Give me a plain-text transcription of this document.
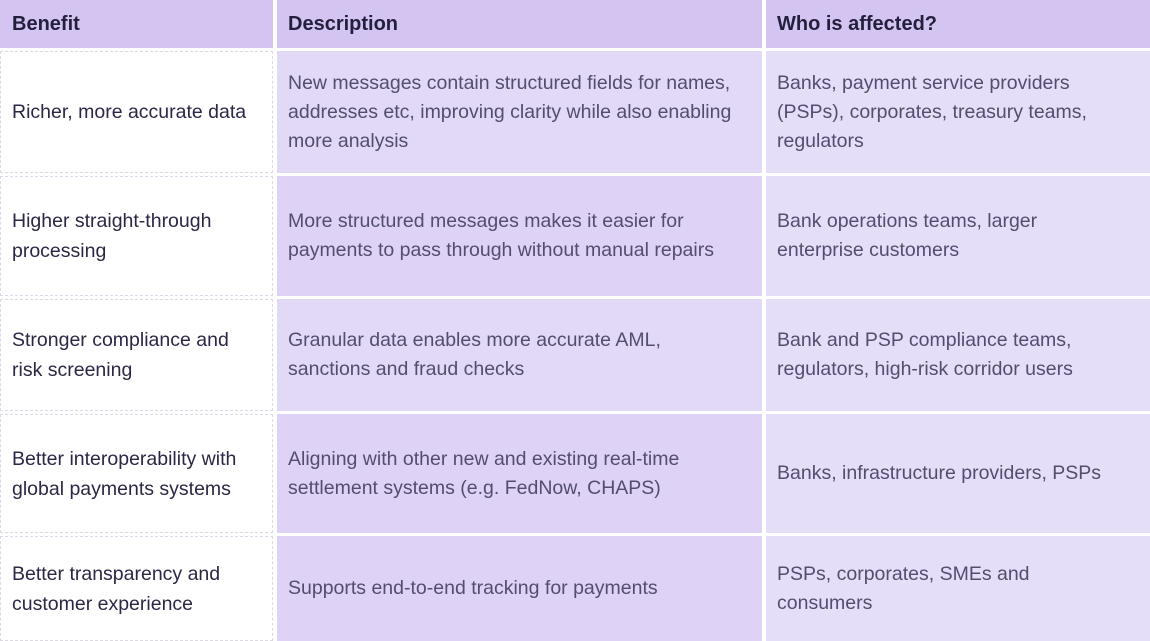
Benefit	Description	Who is affected?
Richer, more accurate data
New messages contain structured fields for names, addresses etc, improving clarity while also enabling more analysis
Banks, payment service providers (PSPs), corporates, treasury teams, regulators
Higher straight-through processing
More structured messages makes it easier for payments to pass through without manual repairs
Bank operations teams, larger enterprise customers
Stronger compliance and risk screening
Granular data enables more accurate AML, sanctions and fraud checks
Bank and PSP compliance teams, regulators, high-risk corridor users
Better interoperability with global payments systems
Aligning with other new and existing real-time settlement systems (e.g. FedNow, CHAPS)
Banks, infrastructure providers, PSPs
Better transparency and customer experience
Supports end-to-end tracking for payments
PSPs, corporates, SMEs and consumers
